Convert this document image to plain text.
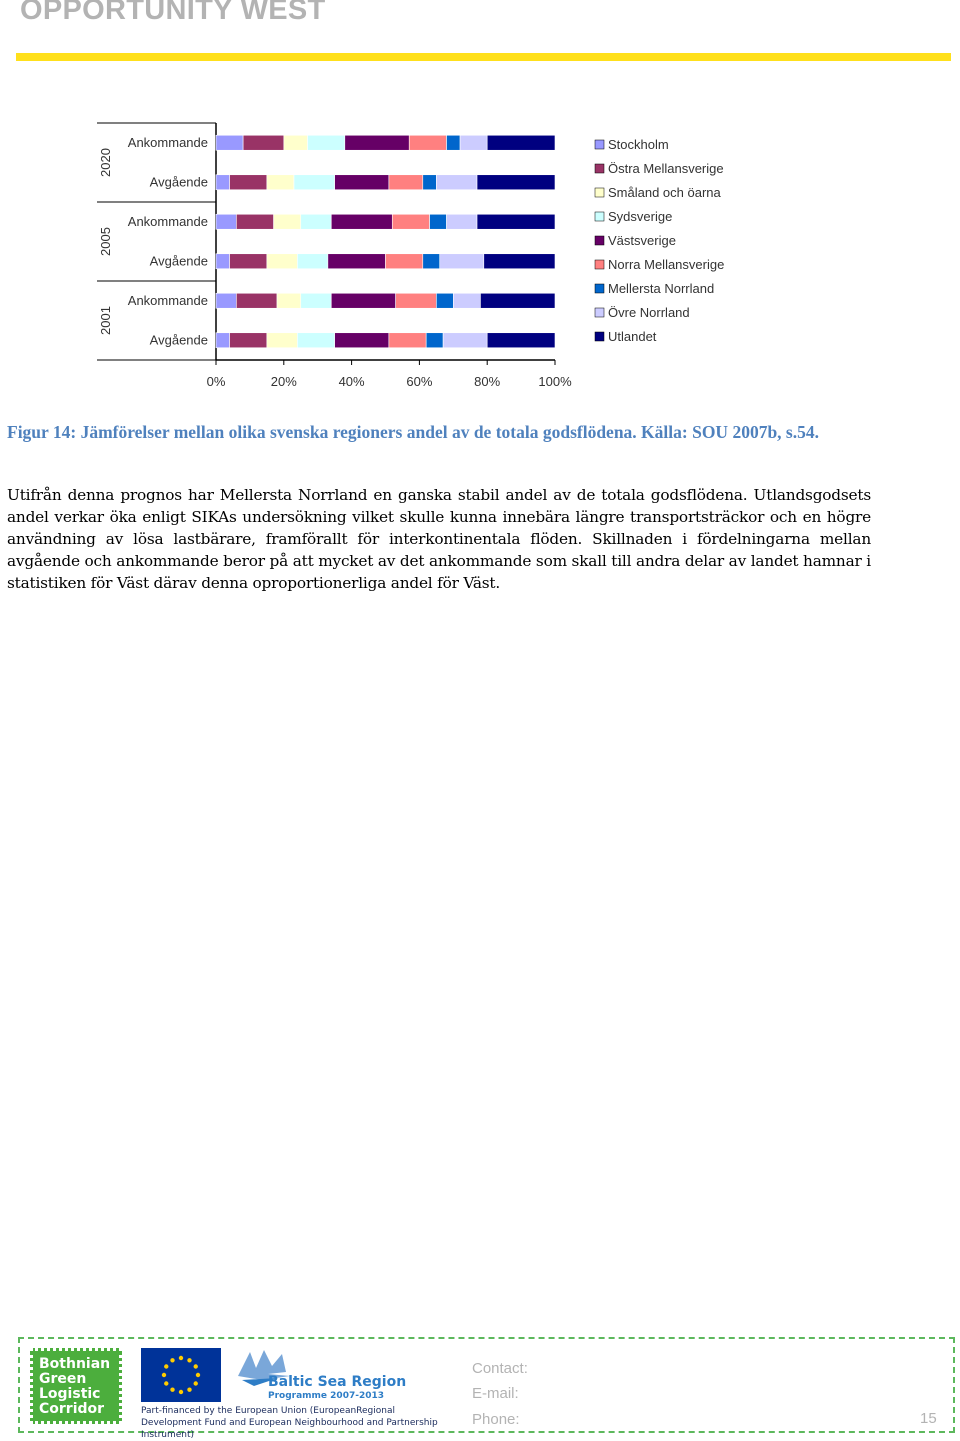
OPPORTUNITY WEST
0%	20%	40%	60%	80%	100%
Ankommande
Avgående
Ankommande
Avgående
Ankommande
Avgående
2020
2005
2001
Stockholm
Östra Mellansverige
Småland och öarna
Sydsverige
Västsverige
Norra Mellansverige
Mellersta Norrland
Övre Norrland
Utlandet
Figur 14: Jämförelser mellan olika svenska regioners andel av de totala godsflödena. Källa: SOU 2007b, s.54.
Utifrån denna prognos har Mellersta Norrland en ganska stabil andel av de totala godsflödena. Utlandsgodsets andel verkar öka enligt SIKAs undersökning vilket skulle kunna innebära längre transportsträckor och en högre användning av lösa lastbärare, framförallt för interkontinentala flöden. Skillnaden i fördelningarna mellan avgående och ankommande beror på att mycket av det ankommande som skall till andra delar av landet hamnar i statistiken för Väst därav denna oproportionerliga andel för Väst.
Bothnian
Green
Logistic
Corridor
Baltic Sea Region
Programme 2007-2013
Part-financed by the European Union (EuropeanRegional Development Fund and European Neighbourhood and Partnership Instrument)
Contact:
E-mail:
Phone:	15
